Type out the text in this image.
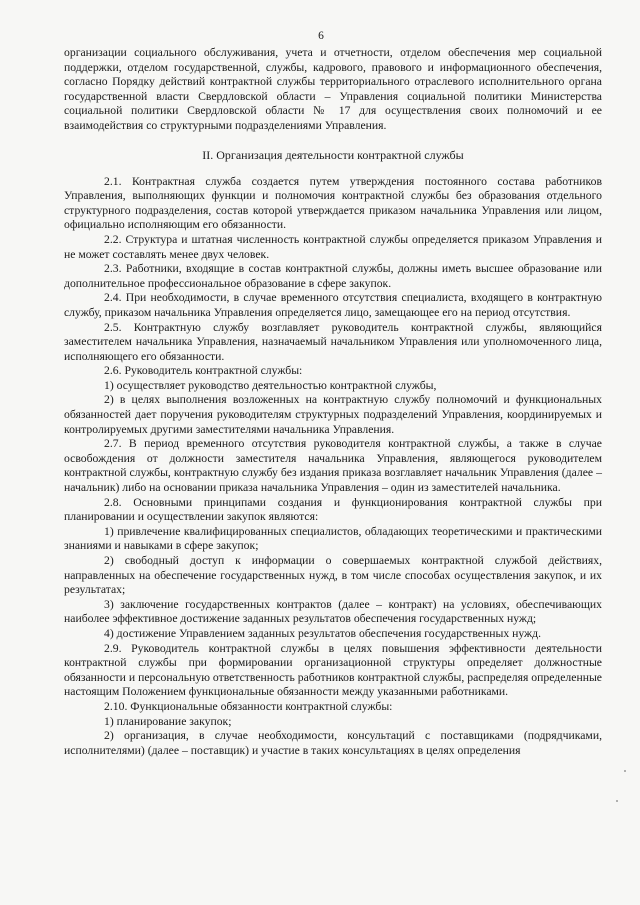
6

организации социального обслуживания, учета и отчетности, отделом обеспечения мер социальной поддержки, отделом государственной, службы, кадрового, правового и информационного обеспечения, согласно Порядку действий контрактной службы территориального отраслевого исполнительного органа государственной власти Свердловской области – Управления социальной политики Министерства социальной политики Свердловской области № 17 для осуществления своих полномочий и ее взаимодействия со структурными подразделениями Управления.

II. Организация деятельности контрактной службы

2.1. Контрактная служба создается путем утверждения постоянного состава работников Управления, выполняющих функции и полномочия контрактной службы без образования отдельного структурного подразделения, состав которой утверждается приказом начальника Управления или лицом, официально исполняющим его обязанности.

2.2. Структура и штатная численность контрактной службы определяется приказом Управления и не может составлять менее двух человек.

2.3. Работники, входящие в состав контрактной службы, должны иметь высшее образование или дополнительное профессиональное образование в сфере закупок.

2.4. При необходимости, в случае временного отсутствия специалиста, входящего в контрактную службу, приказом начальника Управления определяется лицо, замещающее его на период отсутствия.

2.5. Контрактную службу возглавляет руководитель контрактной службы, являющийся заместителем начальника Управления, назначаемый начальником Управления или уполномоченного лица, исполняющего его обязанности.

2.6. Руководитель контрактной службы:

1) осуществляет руководство деятельностью контрактной службы,

2) в целях выполнения возложенных на контрактную службу полномочий и функциональных обязанностей дает поручения руководителям структурных подразделений Управления, координируемых и контролируемых другими заместителями начальника Управления.

2.7. В период временного отсутствия руководителя контрактной службы, а также в случае освобождения от должности заместителя начальника Управления, являющегося руководителем контрактной службы, контрактную службу без издания приказа возглавляет начальник Управления (далее – начальник) либо на основании приказа начальника Управления – один из заместителей начальника.

2.8. Основными принципами создания и функционирования контрактной службы при планировании и осуществлении закупок являются:

1) привлечение квалифицированных специалистов, обладающих теоретическими и практическими знаниями и навыками в сфере закупок;

2) свободный доступ к информации о совершаемых контрактной службой действиях, направленных на обеспечение государственных нужд, в том числе способах осуществления закупок, и их результатах;

3) заключение государственных контрактов (далее – контракт) на условиях, обеспечивающих наиболее эффективное достижение заданных результатов обеспечения государственных нужд;

4) достижение Управлением заданных результатов обеспечения государственных нужд.

2.9. Руководитель контрактной службы в целях повышения эффективности деятельности контрактной службы при формировании организационной структуры определяет должностные обязанности и персональную ответственность работников контрактной службы, распределяя определенные настоящим Положением функциональные обязанности между указанными работниками.

2.10. Функциональные обязанности контрактной службы:

1) планирование закупок;

2) организация, в случае необходимости, консультаций с поставщиками (подрядчиками, исполнителями) (далее – поставщик) и участие в таких консультациях в целях определения
